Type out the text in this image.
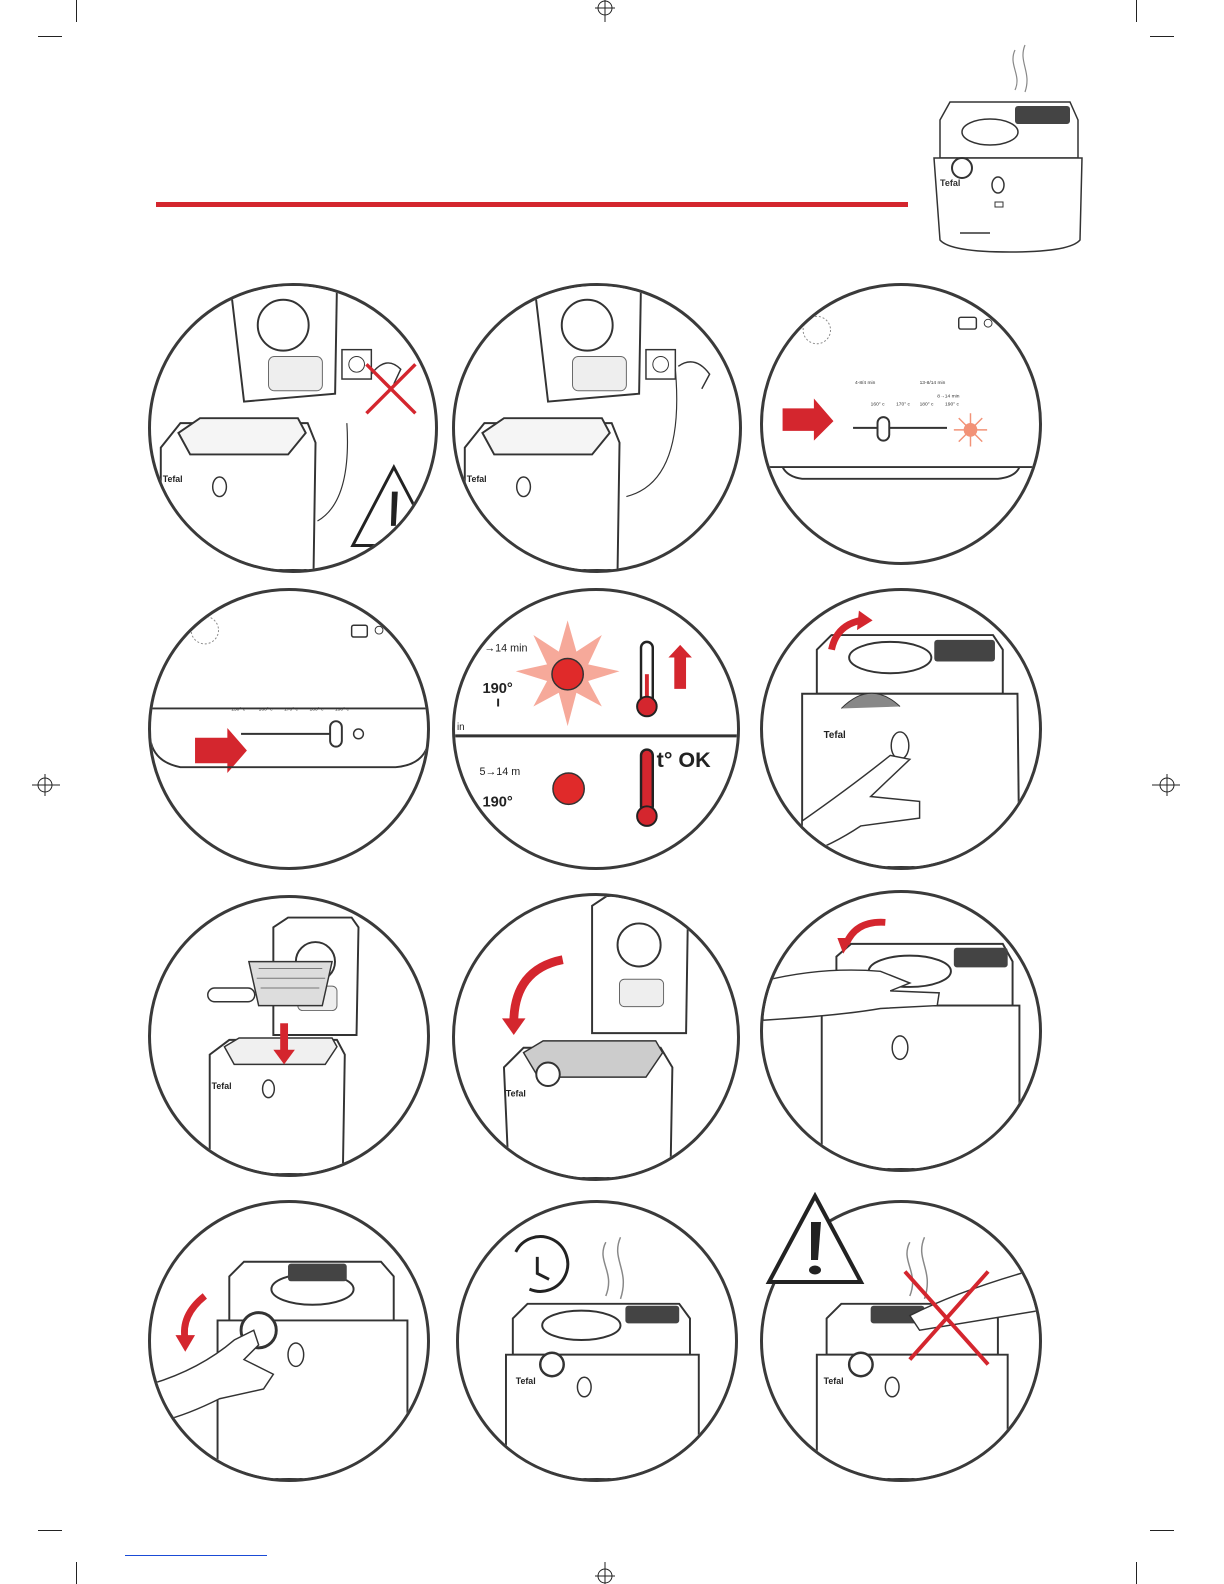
Tefal
Tefal	Tefal
4-8/4 min	13-8/14 min
8→14 min
160° c 170° c 180° c 190° c
150° c	160° c 170° c 180° c 190° c
→14 min
190°
in
5→14 m
190°
t° OK
Tefal
Tefal
Tefal
Tefal	Tefal
